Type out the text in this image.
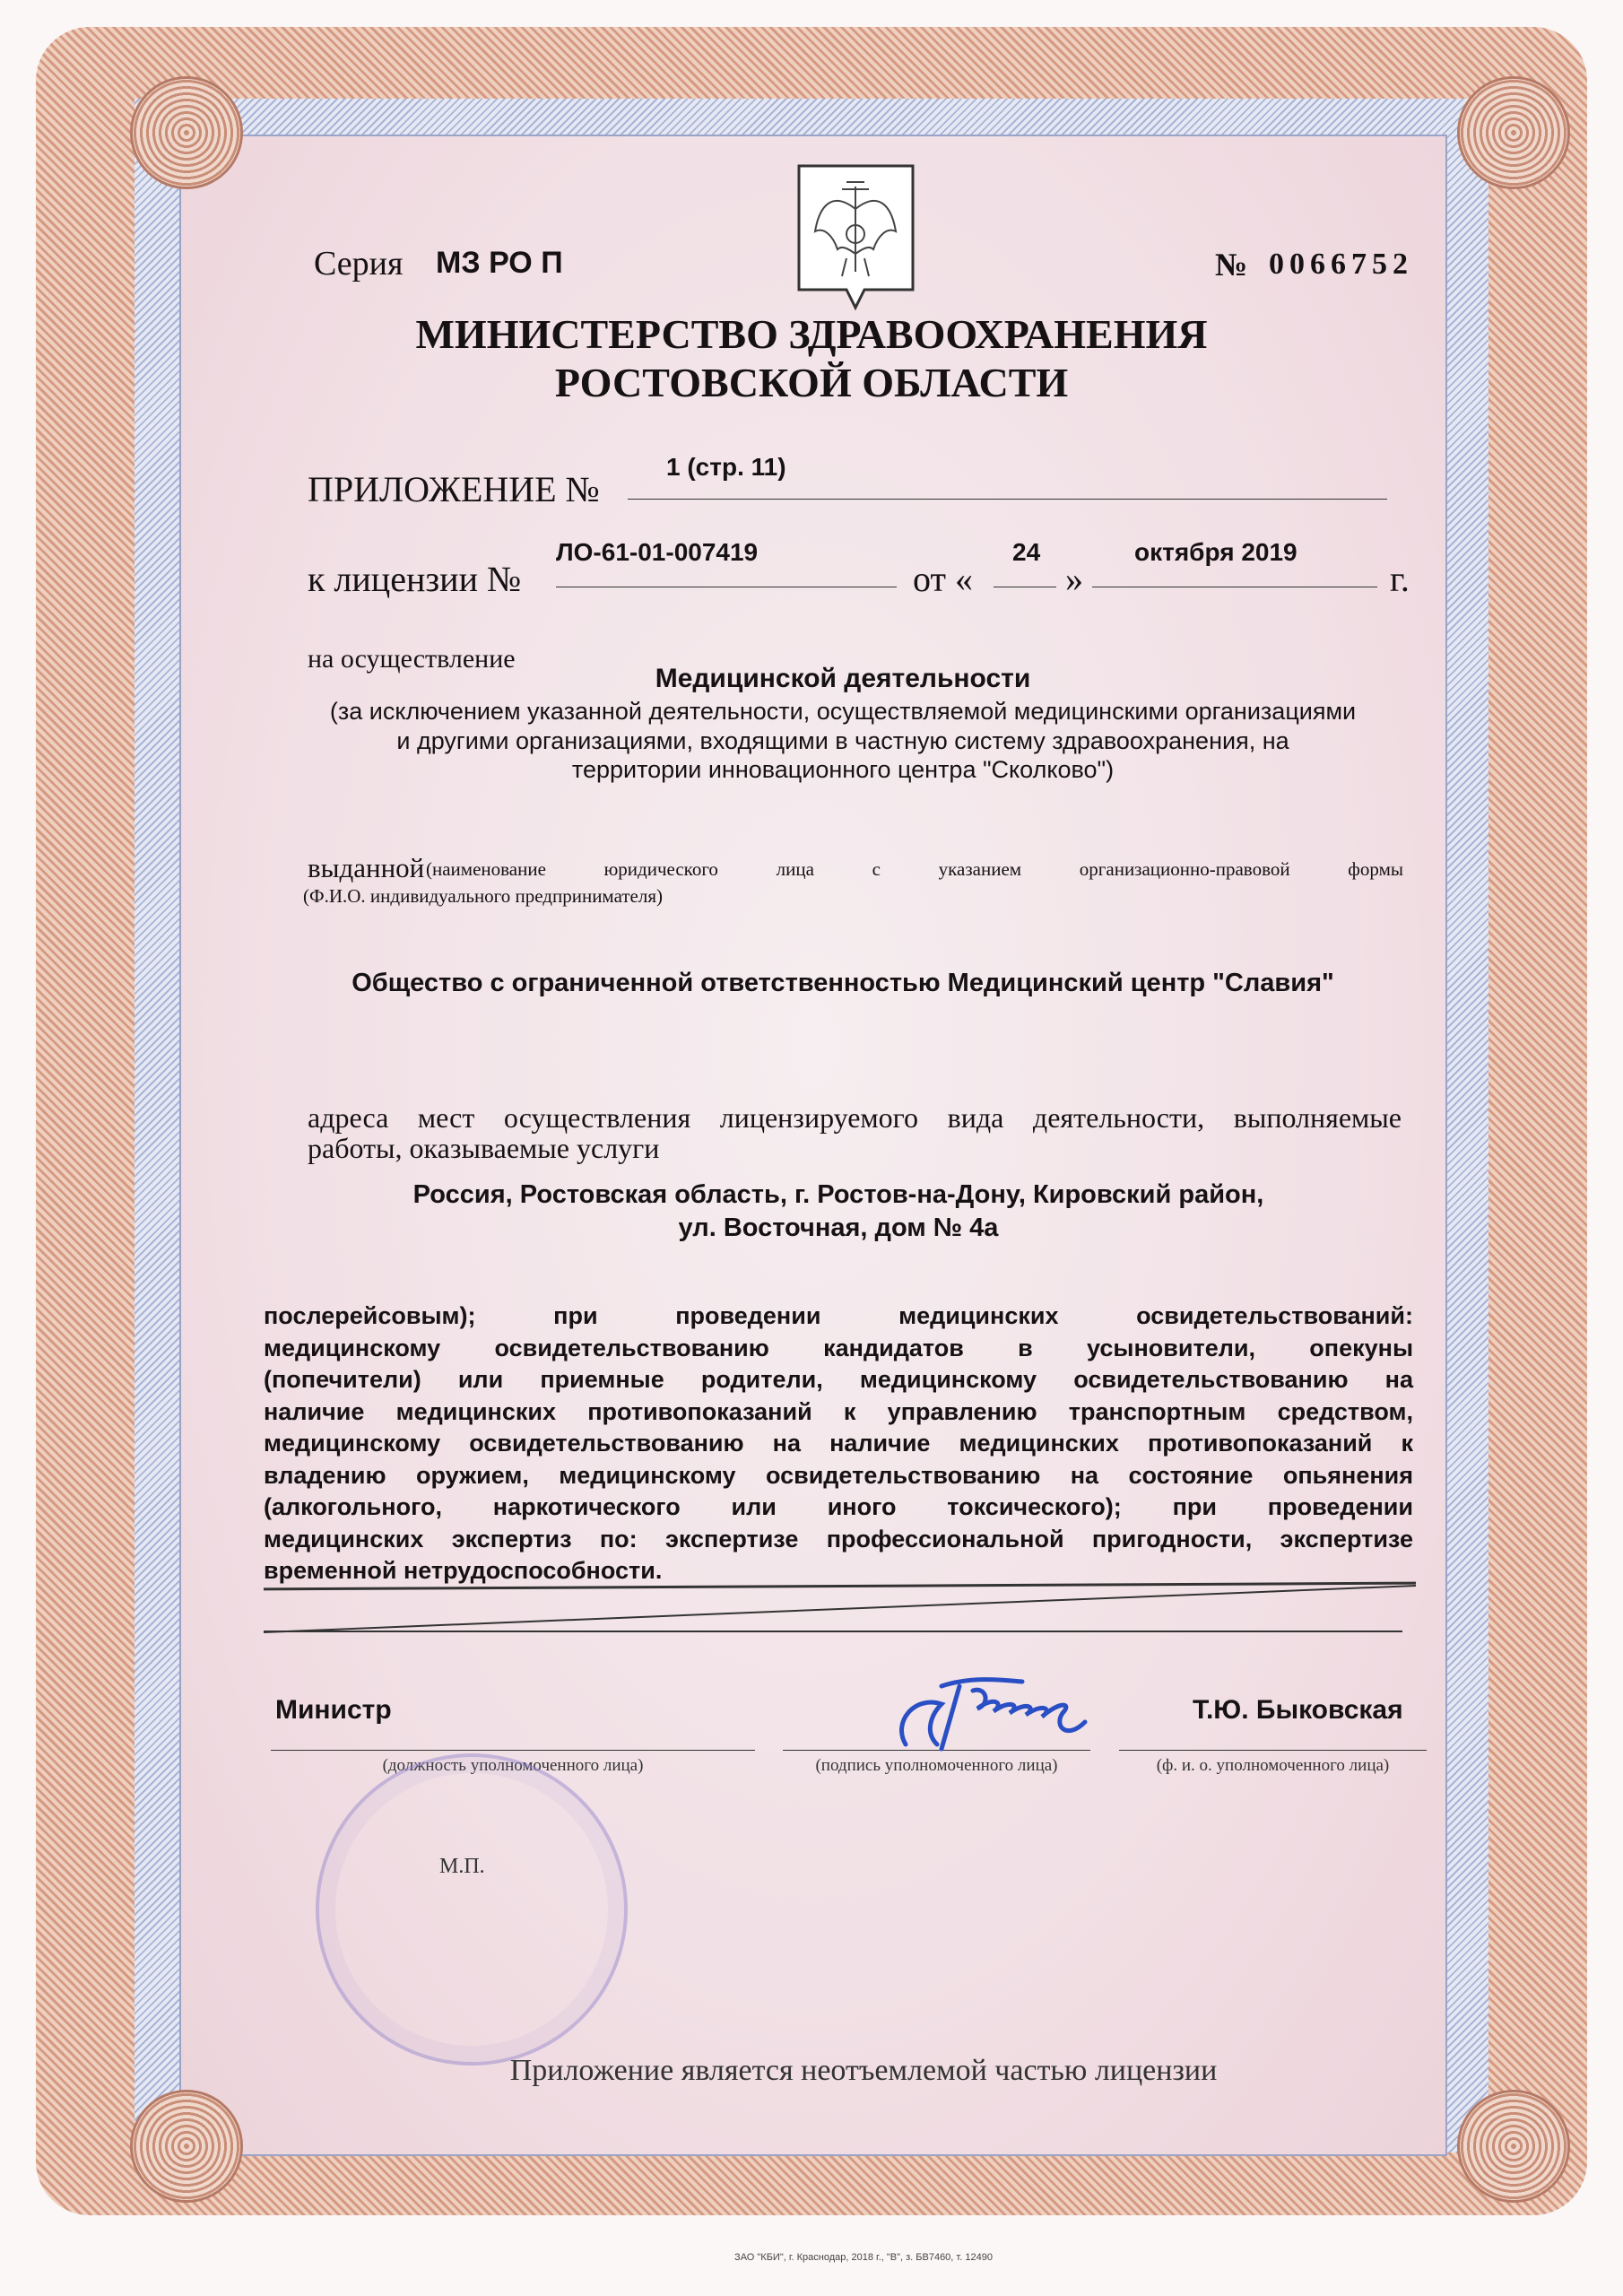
Серия МЗ РО П	№ 0066752
МИНИСТЕРСТВО ЗДРАВООХРАНЕНИЯ
РОСТОВСКОЙ ОБЛАСТИ
ПРИЛОЖЕНИЕ №
1 (стр. 11)
к лицензии №
ЛО-61-01-007419
от «
24
»
октября 2019
г.
на осуществление
Медицинской деятельности
(за исключением указанной деятельности, осуществляемой медицинскими организациями
и другими организациями, входящими в частную систему здравоохранения, на
территории инновационного центра "Сколково")
выданной (наименование юридического лица с указанием организационно-правовой формы
(Ф.И.О. индивидуального предпринимателя)
Общество с ограниченной ответственностью Медицинский центр "Славия"
адреса мест осуществления лицензируемого вида деятельности, выполняемые
работы, оказываемые услуги
Россия, Ростовская область, г. Ростов-на-Дону, Кировский район,
ул. Восточная, дом № 4а
послерейсовым); при проведении медицинских освидетельствований:
медицинскому освидетельствованию кандидатов в усыновители, опекуны
(попечители) или приемные родители, медицинскому освидетельствованию на
наличие медицинских противопоказаний к управлению транспортным средством,
медицинскому освидетельствованию на наличие медицинских противопоказаний к
владению оружием, медицинскому освидетельствованию на состояние опьянения
(алкогольного, наркотического или иного токсического); при проведении
медицинских экспертиз по: экспертизе профессиональной пригодности, экспертизе
временной нетрудоспособности.
Министр	Т.Ю. Быковская
(должность уполномоченного лица)	(подпись уполномоченного лица)	(ф. и. о. уполномоченного лица)
М.П.
Приложение является неотъемлемой частью лицензии
ЗАО "КБИ", г. Краснодар, 2018 г., "В", з. БВ7460, т. 12490
